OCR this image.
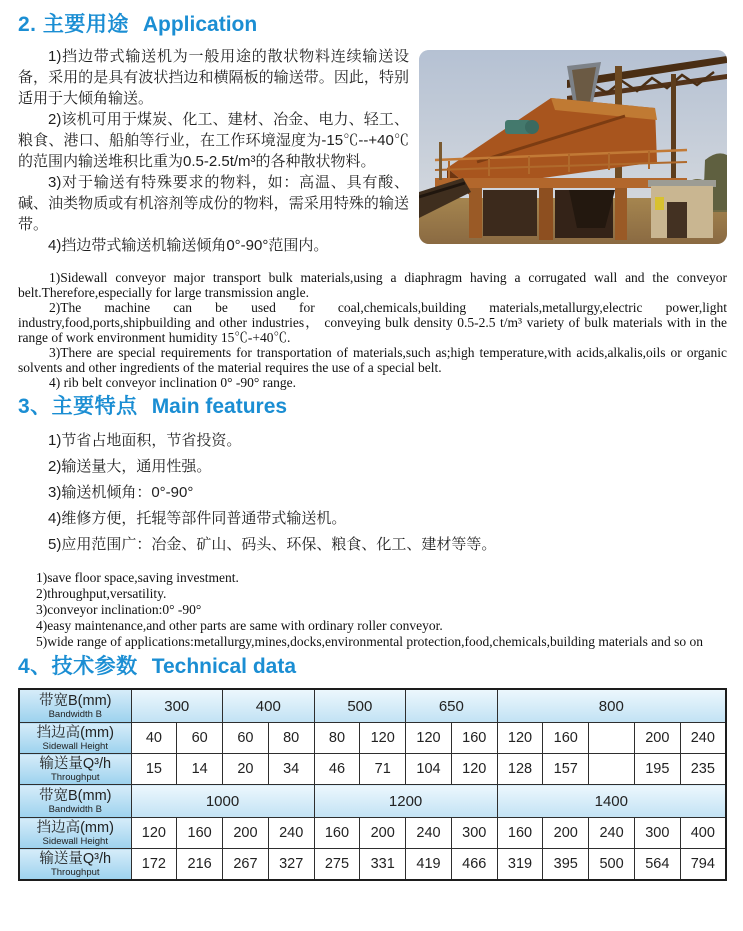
2. 主要用途 Application

1)挡边带式输送机为一般用途的散状物料连续输送设备，采用的是具有波状挡边和横隔板的输送带。因此，特别适用于大倾角输送。

2)该机可用于煤炭、化工、建材、冶金、电力、轻工、粮食、港口、船舶等行业，在工作环境湿度为-15℃--+40℃的范围内输送堆积比重为0.5-2.5t/m³的各种散状物料。

3)对于输送有特殊要求的物料，如：高温、具有酸、碱、油类物质或有机溶剂等成份的物料，需采用特殊的输送带。

4)挡边带式输送机输送倾角0°-90°范围内。

1)Sidewall conveyor major transport bulk materials,using a diaphragm having a corrugated wall and the conveyor belt.Therefore,especially for large transmission angle.

2)The machine can be used for coal,chemicals,building materials,metallurgy,electric power,light industry,food,ports,shipbuilding and other industries， conveying bulk density 0.5-2.5 t/m³ variety of bulk materials with in the range of work environment humidity 15℃-+40℃.

3)There are special requirements for transportation of materials,such as;high temperature,with acids,alkalis,oils or organic solvents and other ingredients of the material requires the use of a special belt.

4) rib belt conveyor inclination 0° -90° range.

3、主要特点 Main features
1)节省占地面积，节省投资。
2)输送量大，通用性强。
3)输送机倾角：0°-90°
4)维修方便，托辊等部件同普通带式输送机。
5)应用范围广：冶金、矿山、码头、环保、粮食、化工、建材等等。
1)save floor space,saving investment.
2)throughput,versatility.
3)conveyor inclination:0° -90°
4)easy maintenance,and other parts are same with ordinary roller conveyor.
5)wide range of applications:metallurgy,mines,docks,environmental protection,food,chemicals,building materials and so on
4、技术参数 Technical data
带宽B(mm)
Bandwidth B	300		400		500		650		800				

挡边高(mm)
Sidewall Height	40	60	60	80	80	120	120	160	120	160		200	240

输送量Q³/h
Throughput	15	14	20	34	46	71	104	120	128	157		195	235

带宽B(mm)
Bandwidth B	1000				1200				1400				

挡边高(mm)
Sidewall Height	120	160	200	240	160	200	240	300	160	200	240	300	400

输送量Q³/h
Throughput	172	216	267	327	275	331	419	466	319	395	500	564	794
